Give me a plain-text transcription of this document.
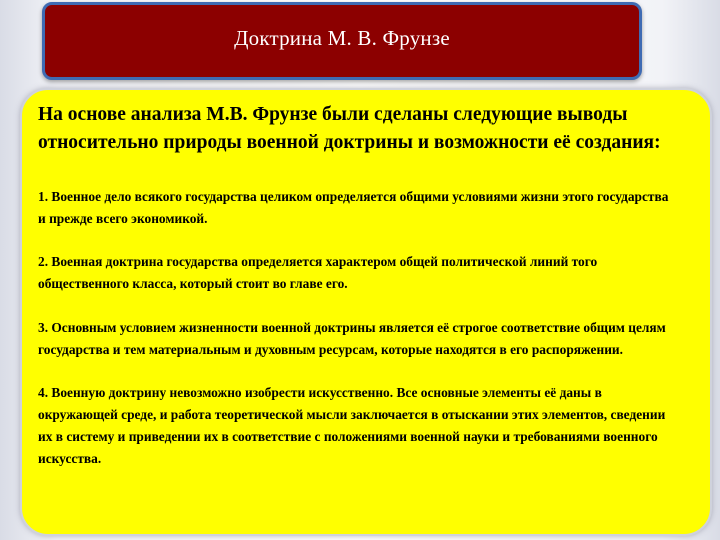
Доктрина М. В. Фрунзе

На основе анализа М.В. Фрунзе были сделаны следующие выводы относительно природы военной доктрины и возможности её создания:

1. Военное дело всякого государства целиком определяется общими условиями жизни этого государства и прежде всего экономикой.

2. Военная доктрина государства определяется характером общей политической линий того общественного класса, который стоит во главе его.

3. Основным условием жизненности военной доктрины является её строгое соответствие общим целям государства и тем материальным и духовным ресурсам, которые находятся в его распоряжении.

4. Военную доктрину невозможно изобрести искусственно. Все основные элементы её даны в окружающей среде, и работа теоретической мысли заключается в отыскании этих элементов, сведении их в систему и приведении их в соответствие с положениями военной науки и требованиями военного искусства.
